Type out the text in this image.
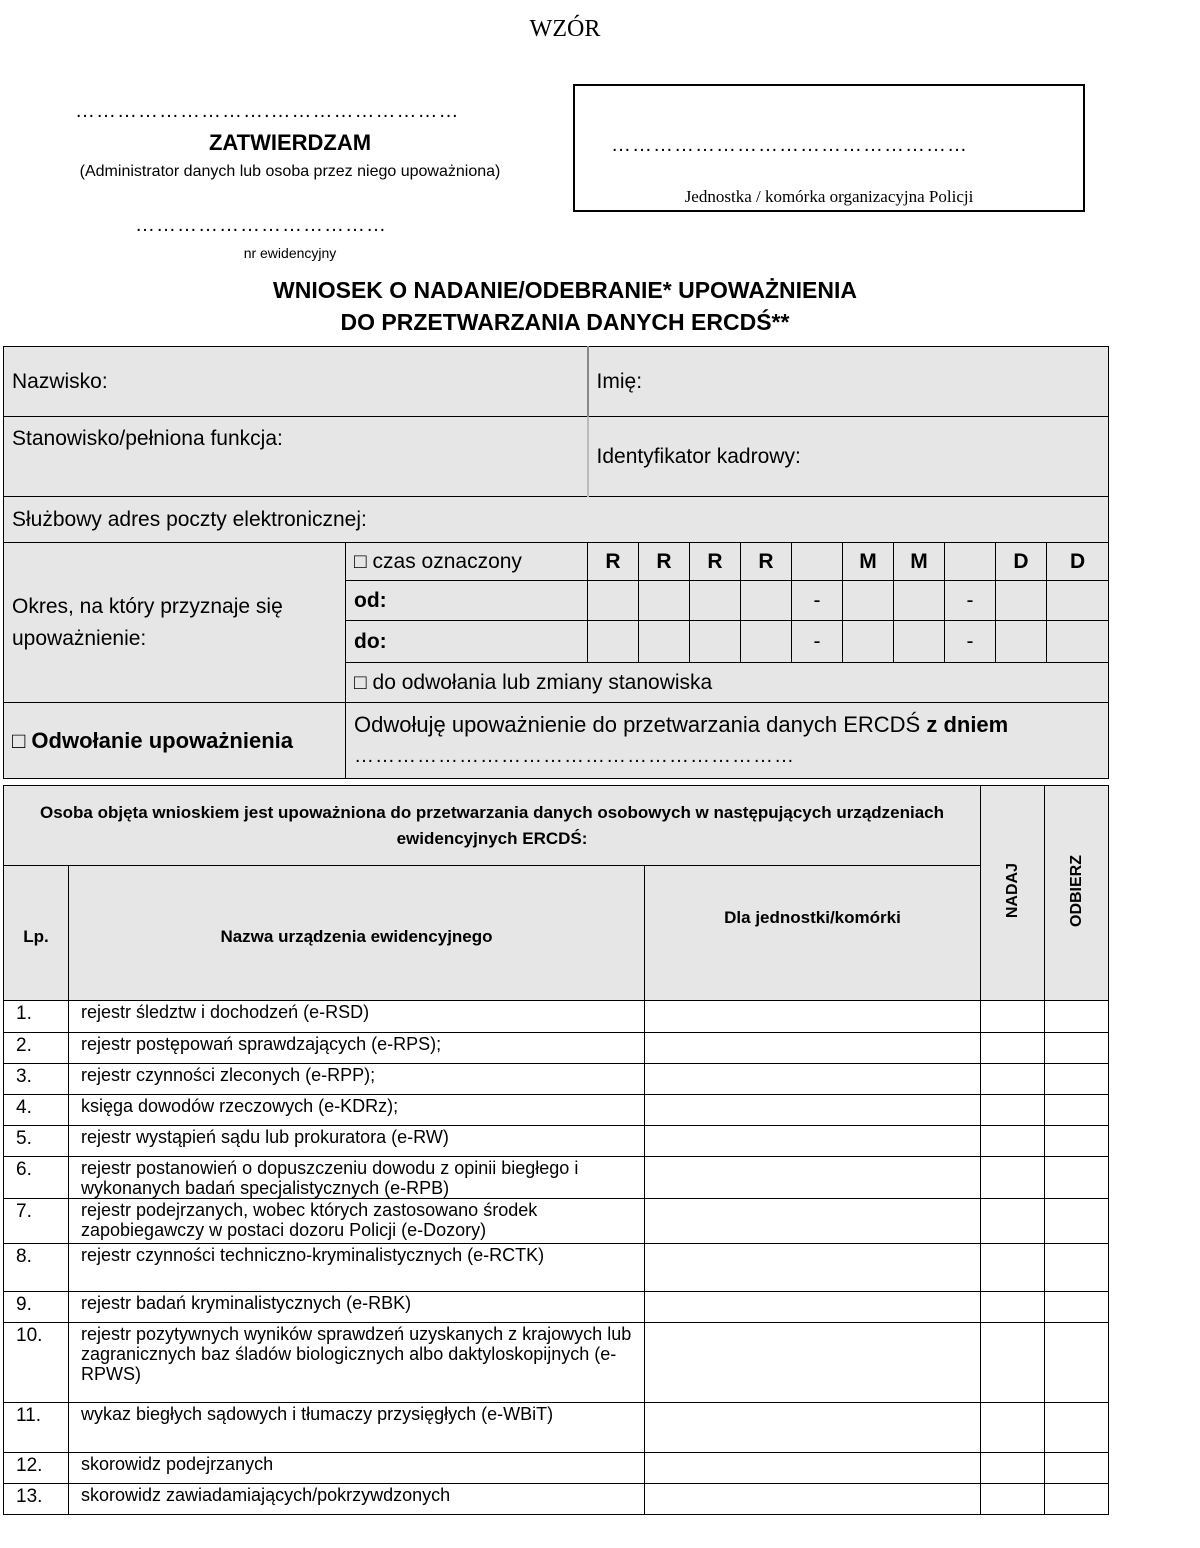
WZÓR
……………………….………………………
ZATWIERDZAM
(Administrator danych lub osoba przez niego upoważniona)
……………………………………………
Jednostka / komórka organizacyjna Policji
………………………………
nr ewidencyjny
WNIOSEK O NADANIE/ODEBRANIE* UPOWAŻNIENIA
DO PRZETWARZANIA DANYCH ERCDŚ**
Nazwisko:		Imię:									
Stanowisko/pełniona funkcja:		Identyfikator kadrowy:									
Służbowy adres poczty elektronicznej:											
Okres, na który przyznaje się upoważnienie:	□ czas oznaczony	R	R	R	R		M	M		D	D
	od:					-			-		
	do:					-			-		
	□ do odwołania lub zmiany stanowiska										
□ Odwołanie upoważnienia	Odwołuję upoważnienie do przetwarzania danych ERCDŚ z dniem
………………………………………………………										
Osoba objęta wnioskiem jest upoważniona do przetwarzania danych osobowych w następujących urządzeniach ewidencyjnych ERCDŚ:			NADAJ	ODBIERZ
Lp.	Nazwa urządzenia ewidencyjnego	Dla jednostki/komórki		
1.	rejestr śledztw i dochodzeń (e-RSD)			
2.	rejestr postępowań sprawdzających (e-RPS);			
3.	rejestr czynności zleconych (e-RPP);			
4.	księga dowodów rzeczowych (e-KDRz);			
5.	rejestr wystąpień sądu lub prokuratora (e-RW)			
6.	rejestr postanowień o dopuszczeniu dowodu z opinii biegłego i wykonanych badań specjalistycznych (e-RPB)			
7.	rejestr podejrzanych, wobec których zastosowano środek zapobiegawczy w postaci dozoru Policji (e-Dozory)			
8.	rejestr czynności techniczno-kryminalistycznych (e-RCTK)			
9.	rejestr badań kryminalistycznych (e-RBK)			
10.	rejestr pozytywnych wyników sprawdzeń uzyskanych z krajowych lub zagranicznych baz śladów biologicznych albo daktyloskopijnych (e-RPWS)			
11.	wykaz biegłych sądowych i tłumaczy przysięgłych (e-WBiT)			
12.	skorowidz podejrzanych			
13.	skorowidz zawiadamiających/pokrzywdzonych			
